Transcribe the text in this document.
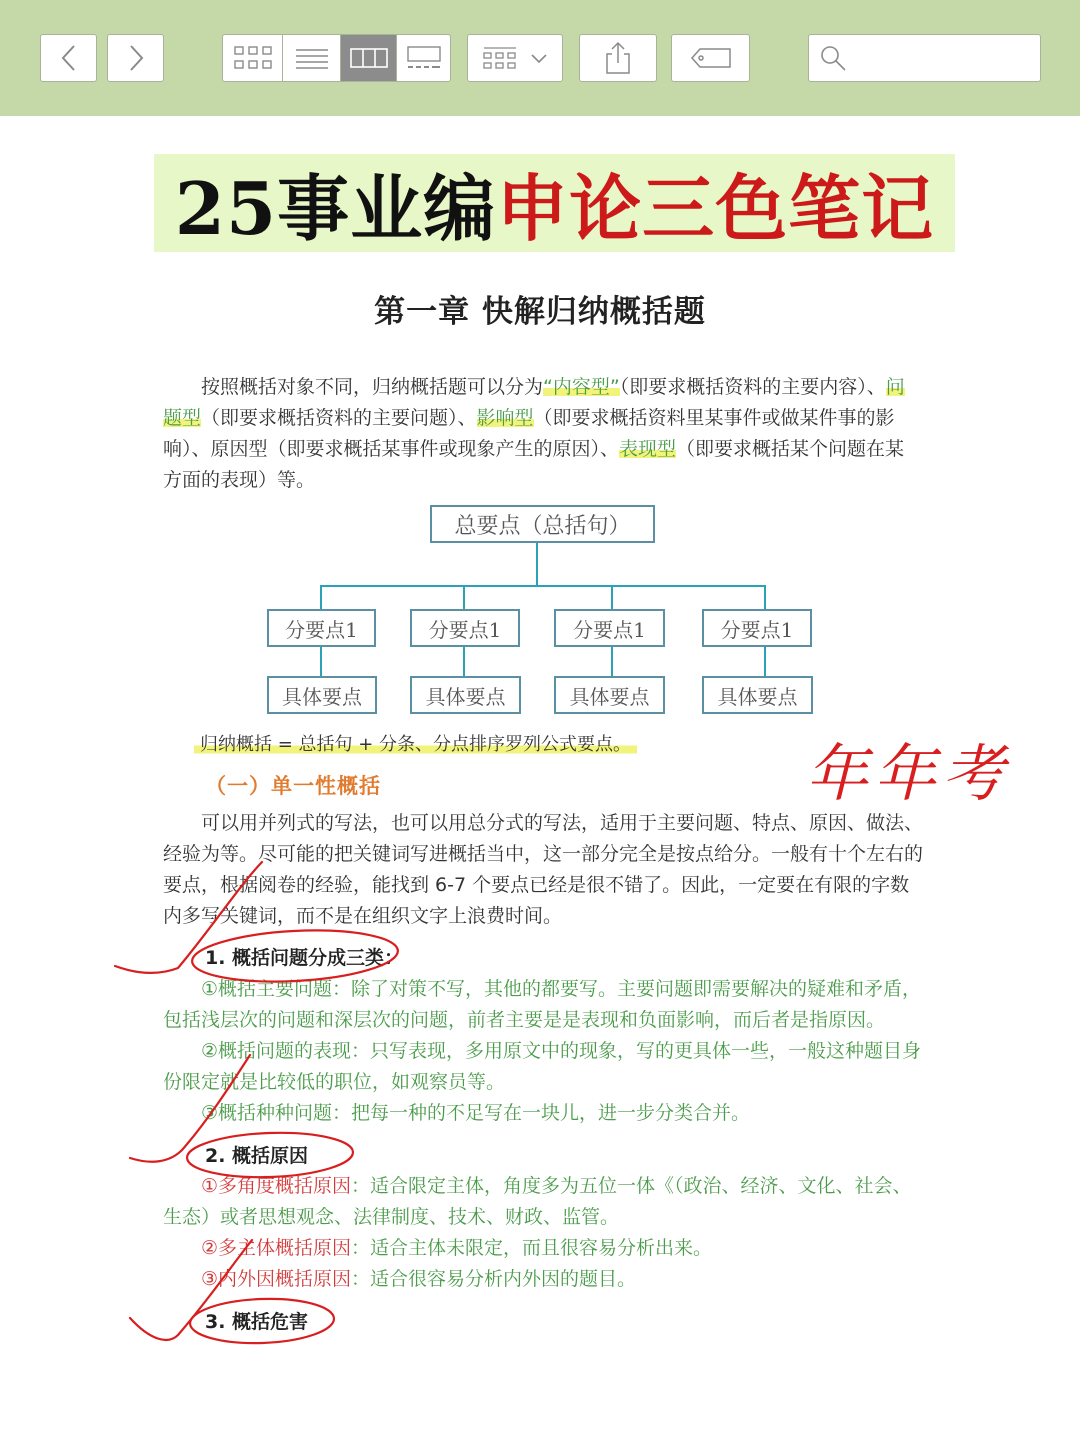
25事业编 申论三色笔记
第一章 快解归纳概括题
按照概括对象不同，归纳概括题可以分为“内容型”（即要求概括资料的主要内容）、问题型（即要求概括资料的主要问题）、影响型（即要求概括资料里某事件或做某件事的影响）、原因型（即要求概括某事件或现象产生的原因）、表现型（即要求概括某个问题在某方面的表现）等。
总要点（总括句）
分要点1	分要点1	分要点1	分要点1
具体要点	具体要点	具体要点	具体要点
归纳概括 = 总括句 + 分条、分点排序罗列公式要点。	年年考
（一）单一性概括
可以用并列式的写法，也可以用总分式的写法，适用于主要问题、特点、原因、做法、经验为等。尽可能的把关键词写进概括当中，这一部分完全是按点给分。一般有十个左右的要点，根据阅卷的经验，能找到 6-7 个要点已经是很不错了。因此，一定要在有限的字数内多写关键词，而不是在组织文字上浪费时间。
1. 概括问题分成三类：
①概括主要问题：除了对策不写，其他的都要写。主要问题即需要解决的疑难和矛盾，包括浅层次的问题和深层次的问题，前者主要是是表现和负面影响，而后者是指原因。
②概括问题的表现：只写表现，多用原文中的现象，写的更具体一些，一般这种题目身份限定就是比较低的职位，如观察员等。
③概括种种问题：把每一种的不足写在一块儿，进一步分类合并。
2. 概括原因
①多角度概括原因：适合限定主体，角度多为五位一体《（政治、经济、文化、社会、生态）或者思想观念、法律制度、技术、财政、监管。
②多主体概括原因：适合主体未限定，而且很容易分析出来。
③内外因概括原因：适合很容易分析内外因的题目。
3. 概括危害
